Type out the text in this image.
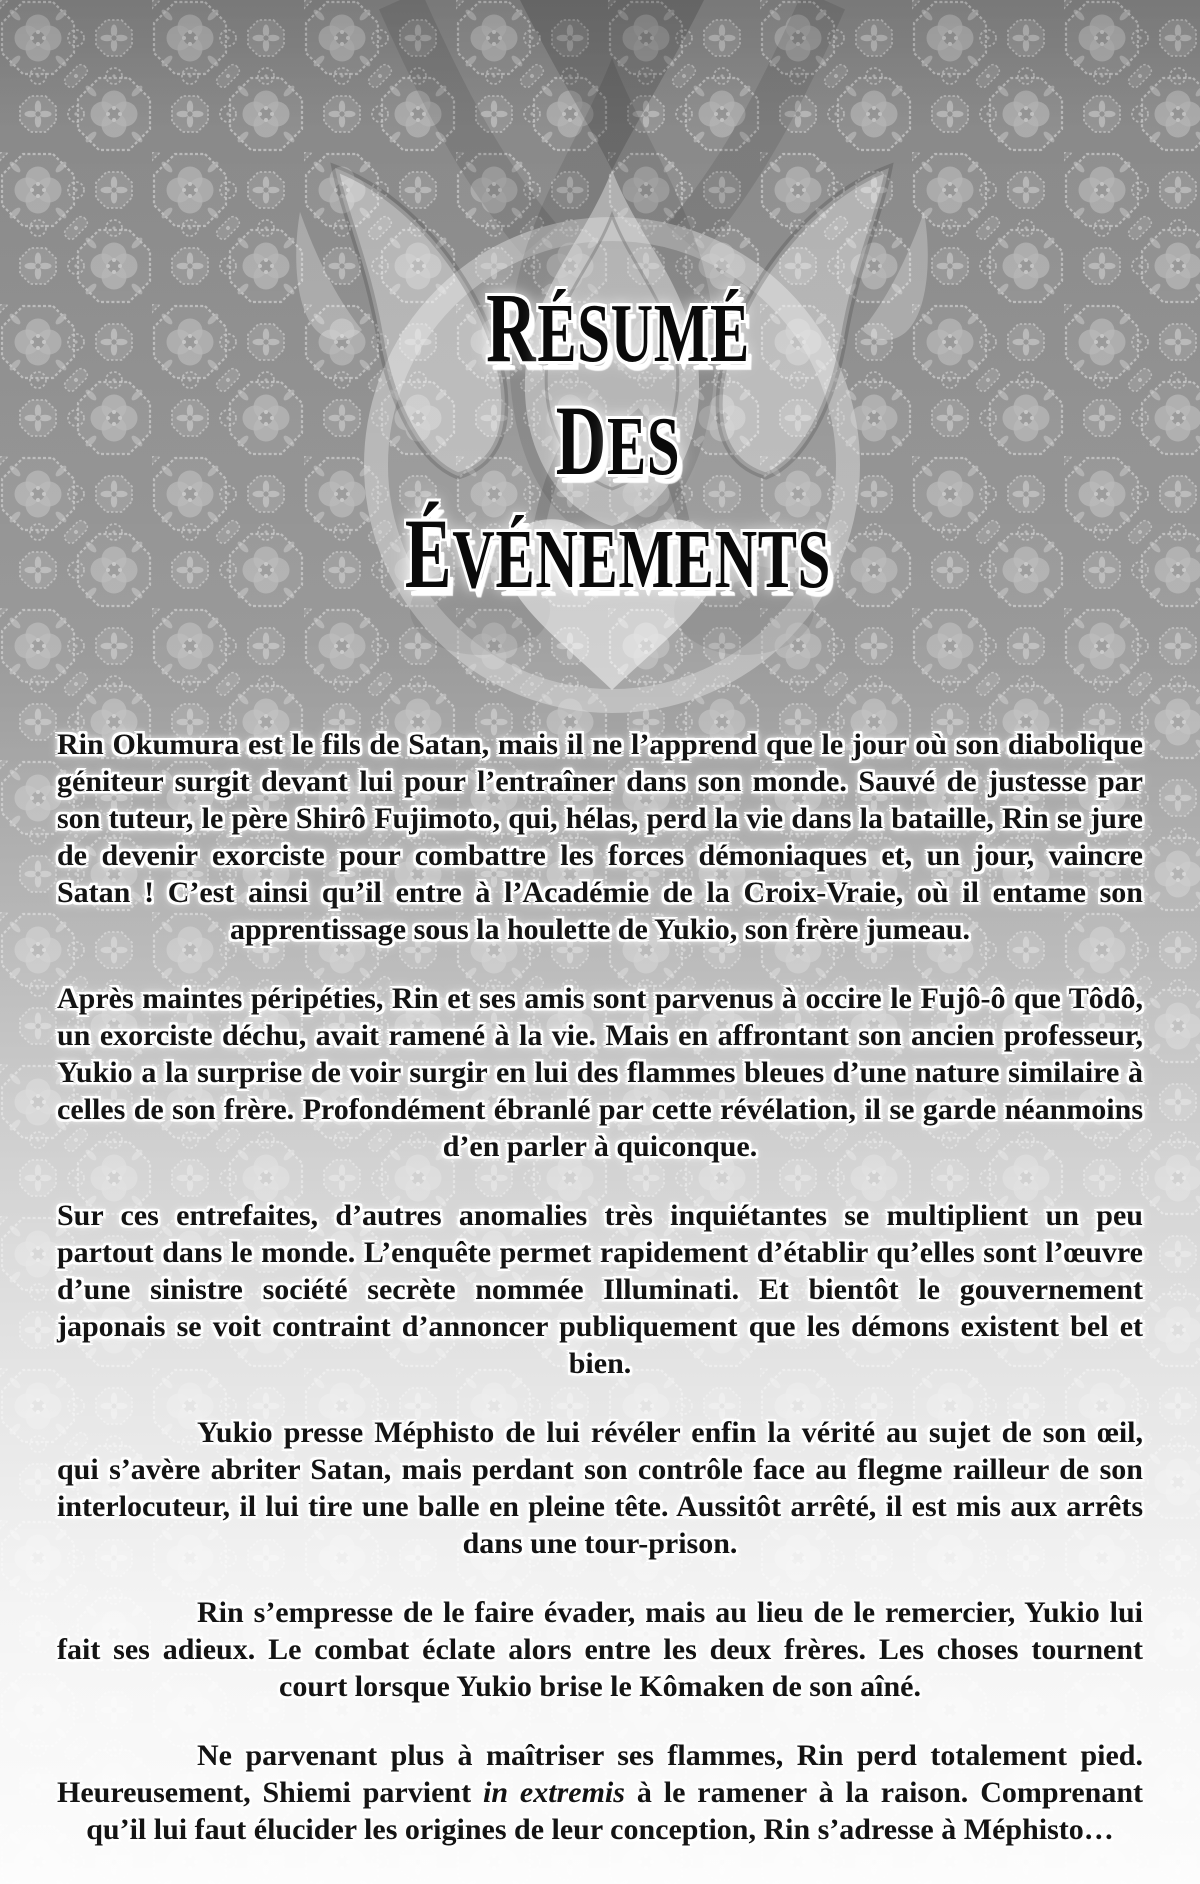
RÉSUMÉ
DES
ÉVÉNEMENTS

Rin Okumura est le fils de Satan, mais il ne l’apprend que le jour où son diabolique géniteur surgit devant lui pour l’entraîner dans son monde. Sauvé de justesse par son tuteur, le père Shirô Fujimoto, qui, hélas, perd la vie dans la bataille, Rin se jure de devenir exorciste pour combattre les forces démoniaques et, un jour, vaincre Satan ! C’est ainsi qu’il entre à l’Académie de la Croix-Vraie, où il entame son apprentissage sous la houlette de Yukio, son frère jumeau.

Après maintes péripéties, Rin et ses amis sont parvenus à occire le Fujô-ô que Tôdô, un exorciste déchu, avait ramené à la vie. Mais en affrontant son ancien professeur, Yukio a la surprise de voir surgir en lui des flammes bleues d’une nature similaire à celles de son frère. Profondément ébranlé par cette révélation, il se garde néanmoins d’en parler à quiconque.

Sur ces entrefaites, d’autres anomalies très inquiétantes se multiplient un peu partout dans le monde. L’enquête permet rapidement d’établir qu’elles sont l’œuvre d’une sinistre société secrète nommée Illuminati. Et bientôt le gouvernement japonais se voit contraint d’annoncer publiquement que les démons existent bel et bien.

Yukio presse Méphisto de lui révéler enfin la vérité au sujet de son œil, qui s’avère abriter Satan, mais perdant son contrôle face au flegme railleur de son interlocuteur, il lui tire une balle en pleine tête. Aussitôt arrêté, il est mis aux arrêts dans une tour-prison.

Rin s’empresse de le faire évader, mais au lieu de le remercier, Yukio lui fait ses adieux. Le combat éclate alors entre les deux frères. Les choses tournent court lorsque Yukio brise le Kômaken de son aîné.

Ne parvenant plus à maîtriser ses flammes, Rin perd totalement pied. Heureusement, Shiemi parvient in extremis à le ramener à la raison. Comprenant qu’il lui faut élucider les origines de leur conception, Rin s’adresse à Méphisto…
